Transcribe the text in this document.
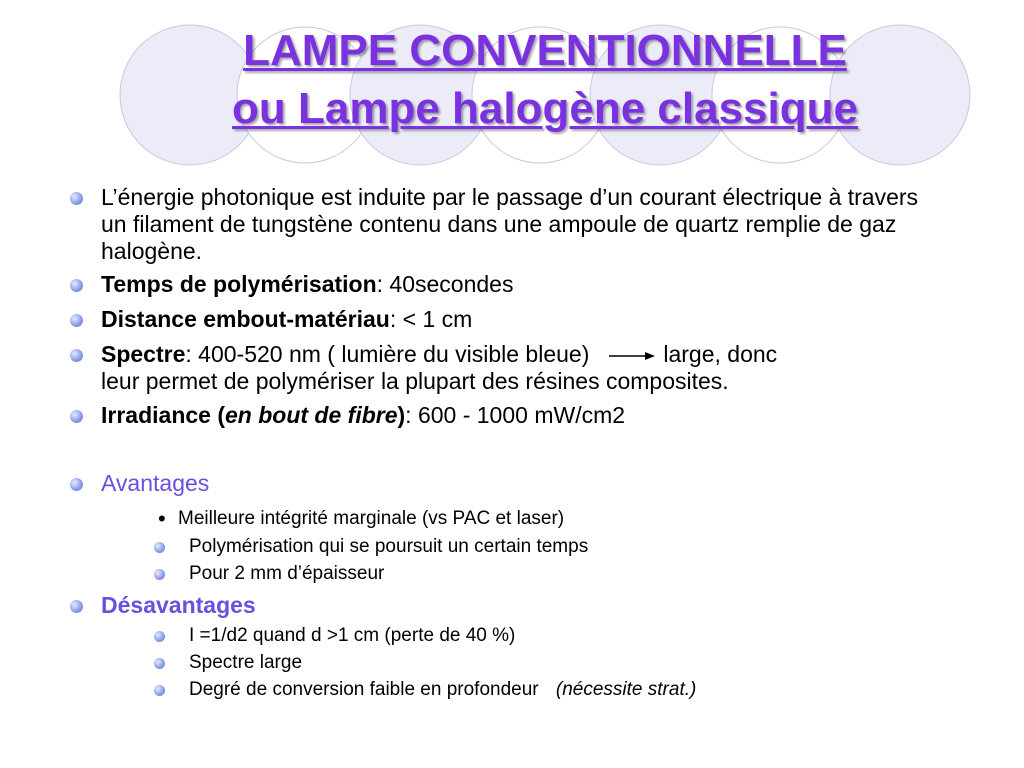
LAMPE CONVENTIONNELLE
ou Lampe halogène classique
L’énergie photonique est induite par le passage d’un courant électrique à travers un filament de tungstène contenu dans une ampoule de quartz remplie de gaz halogène.
Temps de polymérisation: 40secondes
Distance embout-matériau: < 1 cm
Spectre: 400-520 nm ( lumière du visible bleue)	large, donc
leur permet de polymériser la plupart des résines composites.
Irradiance (en bout de fibre): 600 - 1000 mW/cm2
Avantages
• Meilleure intégrité marginale (vs PAC et laser)
Polymérisation qui se poursuit un certain temps
Pour 2 mm d’épaisseur
Désavantages
I =1/d2 quand d >1 cm (perte de 40 %)
Spectre large
Degré de conversion faible en profondeur (nécessite strat.)
